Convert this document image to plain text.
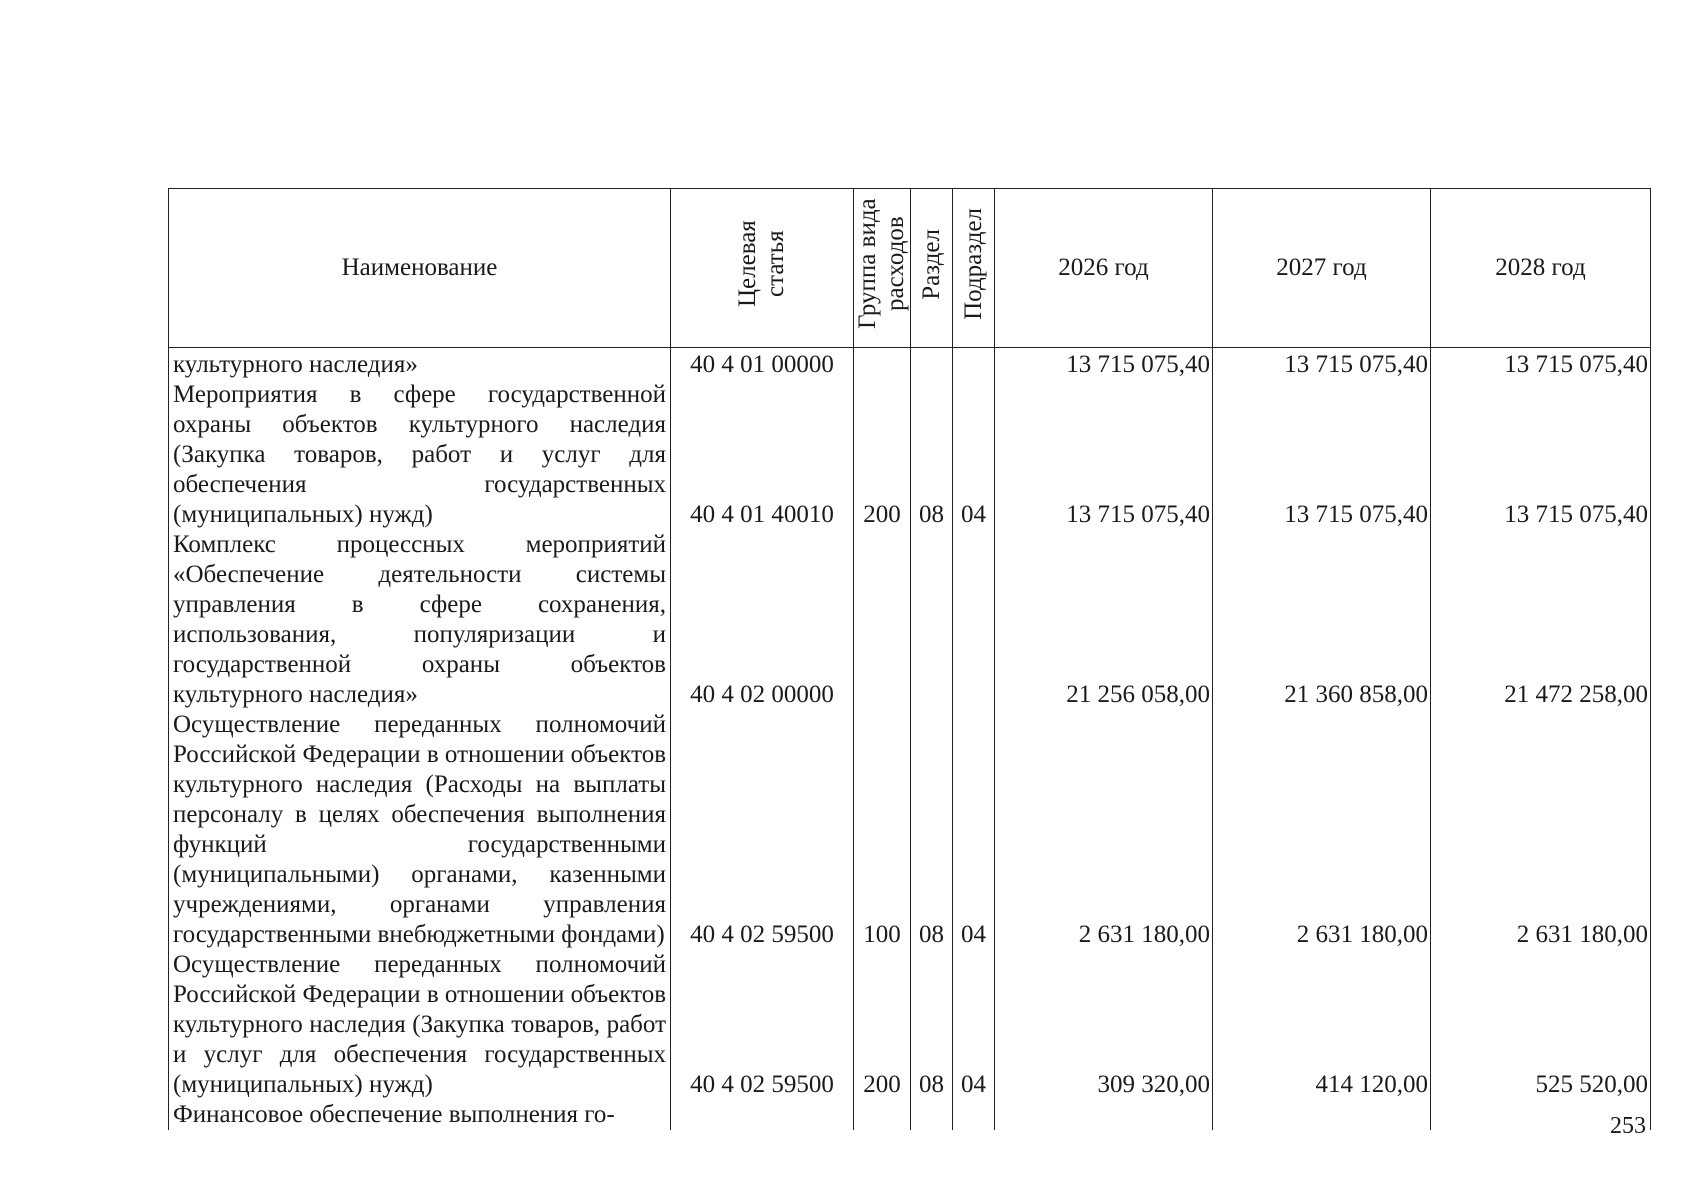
Наименование	Целевая статья	Группа вида расходов	Раздел	Подраздел	2026 год	2027 год	2028 год
культурного наследия»	40 4 01 00000				13 715 075,40	13 715 075,40	13 715 075,40
Мероприятия в сфере государственной охраны объектов культурного наследия (Закупка товаров, работ и услуг для обеспечения государственных (муниципальных) нужд)	40 4 01 40010	200	08	04	13 715 075,40	13 715 075,40	13 715 075,40
Комплекс процессных мероприятий «Обеспечение деятельности системы управления в сфере сохранения, использования, популяризации и государственной охраны объектов культурного наследия»	40 4 02 00000				21 256 058,00	21 360 858,00	21 472 258,00
Осуществление переданных полномочий Российской Федерации в отношении объектов культурного наследия (Расходы на выплаты персоналу в целях обеспечения выполнения функций государственными (муниципальными) органами, казенными учреждениями, органами управления государственными внебюджетными фондами)	40 4 02 59500	100	08	04	2 631 180,00	2 631 180,00	2 631 180,00
Осуществление переданных полномочий Российской Федерации в отношении объектов культурного наследия (Закупка товаров, работ и услуг для обеспечения государственных (муниципальных) нужд)	40 4 02 59500	200	08	04	309 320,00	414 120,00	525 520,00
Финансовое обеспечение выполнения го-								253
